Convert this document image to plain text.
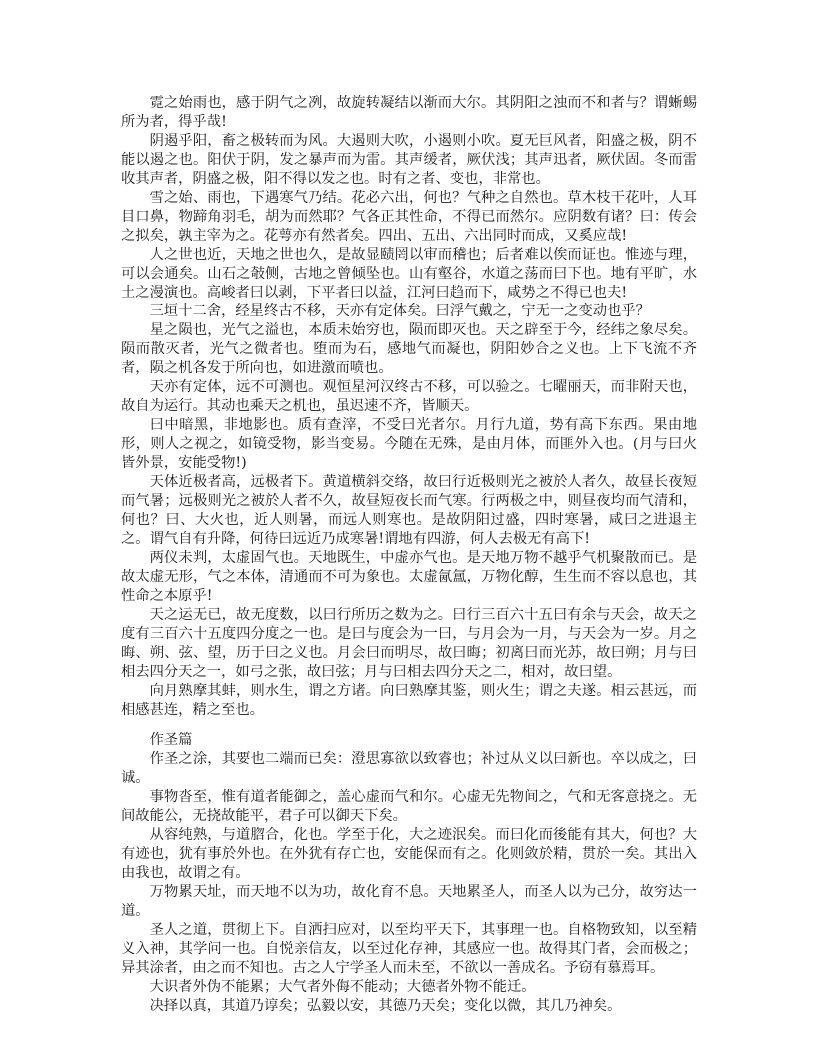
霓之始雨也，感于阴气之冽，故旋转凝结以渐而大尔。其阴阳之浊而不和者与？谓蜥蜴所为者，得乎哉!

阴遏乎阳，畜之极转而为风。大遏则大吹，小遏则小吹。夏无巨风者，阳盛之极，阴不能以遏之也。阳伏于阴，发之暴声而为雷。其声缓者，厥伏浅；其声迅者，厥伏固。冬而雷收其声者，阴盛之极，阳不得以发之也。时有之者、变也，非常也。

雪之始、雨也，下遇寒气乃结。花必六出，何也？气种之自然也。草木枝干花叶，人耳目口鼻，物蹄角羽毛，胡为而然耶？气各正其性命，不得已而然尔。应阴数有诸？曰：传会之拟矣，孰主宰为之。花萼亦有然者矣。四出、五出、六出同时而成，又奚应哉!

人之世也近，天地之世也久，是故显赜罔以审而稽也；后者难以俟而证也。惟迹与理，可以会通矣。山石之攲侧，古地之曾倾坠也。山有壑谷，水道之荡而曰下也。地有平旷，水土之漫演也。高峻者曰以剥，下平者曰以益，江河曰趋而下，咸势之不得已也夫!

三垣十二舍，经星终古不移，天亦有定体矣。曰浮气戴之，宁无一之变动也乎？

星之陨也，光气之溢也，本质未始穷也，陨而即灭也。天之辟至于今，经纬之象尽矣。陨而散灭者，光气之微者也。堕而为石，感地气而凝也，阴阳妙合之义也。上下飞流不齐者，陨之机各发于所向也，如进激而喷也。

天亦有定体，远不可测也。观恒星河汉终古不移，可以验之。七曜丽天，而非附天也，故自为运行。其动也乘天之机也，虽迟速不齐，皆顺天。

曰中暗黑，非地影也。质有查滓，不受曰光者尔。月行九道，势有高下东西。果由地形，则人之视之，如镜受物，影当变易。今随在无殊，是由月体，而匪外入也。(月与曰火皆外景，安能受物!)

天体近极者高，远极者下。黄道横斜交络，故曰行近极则光之被於人者久，故昼长夜短而气暑；远极则光之被於人者不久，故昼短夜长而气寒。行两极之中，则昼夜均而气清和，何也？曰、大火也，近人则暑，而远人则寒也。是故阴阳过盛，四时寒暑，咸曰之进退主之。谓气自有升降，何待曰远近乃成寒暑!谓地有四游，何人去极无有高下!

两仪未判，太虚固气也。天地既生，中虚亦气也。是天地万物不越乎气机聚散而已。是故太虚无形，气之本体，清通而不可为象也。太虚氤氲，万物化醇，生生而不容以息也，其性命之本原乎!

天之运无已，故无度数，以曰行所历之数为之。曰行三百六十五曰有余与天会，故天之度有三百六十五度四分度之一也。是曰与度会为一曰，与月会为一月，与天会为一岁。月之晦、朔、弦、望，历于曰之义也。月会曰而明尽，故曰晦；初离曰而光苏，故曰朔；月与曰相去四分天之一，如弓之张，故曰弦；月与曰相去四分天之二，相对，故曰望。

向月熟摩其蚌，则水生，谓之方诸。向曰熟摩其鉴，则火生；谓之夫遂。相云甚远，而相感甚连，精之至也。

作圣篇

作圣之涂，其要也二端而已矣：澄思寡欲以致睿也；补过从义以曰新也。卒以成之，曰诚。

事物沓至，惟有道者能御之，盖心虚而气和尔。心虚无先物间之，气和无客意挠之。无间故能公，无挠故能平，君子可以御天下矣。

从容纯熟，与道脗合，化也。学至于化，大之迹泯矣。而曰化而後能有其大，何也？大有迹也，犹有事於外也。在外犹有存亡也，安能保而有之。化则敛於精，贯於一矣。其出入由我也，故谓之有。

万物累天址，而天地不以为功，故化育不息。天地累圣人，而圣人以为己分，故穷达一道。

圣人之道，贯彻上下。自洒扫应对，以至均平天下，其事理一也。自格物致知，以至精义入神，其学问一也。自悦亲信友，以至过化存神，其感应一也。故得其门者，会而极之；异其涂者，由之而不知也。古之人宁学圣人而未至，不欲以一善成名。予窃有慕焉耳。

大识者外伪不能累；大气者外侮不能动；大德者外物不能迁。

决择以真，其道乃谆矣；弘毅以安，其德乃天矣；变化以微，其几乃神矣。
